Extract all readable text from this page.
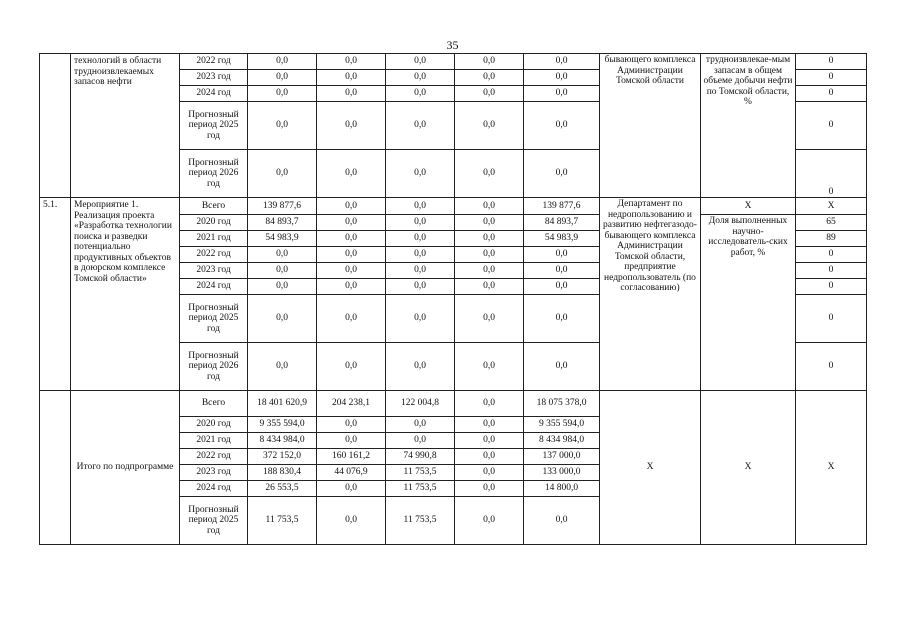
35
	технологий в области трудноизвлекаемых запасов нефти	2022 год	0,0	0,0	0,0	0,0	0,0	бывающего комплекса Администрации Томской области	трудноизвлекае-мым запасам в общем объеме добычи нефти по Томской области, %	0
		2023 год	0,0	0,0	0,0	0,0	0,0			0
		2024 год	0,0	0,0	0,0	0,0	0,0			0
		Прогнозный период 2025 год	0,0	0,0	0,0	0,0	0,0			0
		Прогнозный период 2026 год	0,0	0,0	0,0	0,0	0,0			0
5.1.	Мероприятие 1. Реализация проекта «Разработка технологии поиска и разведки потенциально продуктивных объектов в доюрском комплексе Томской области»	Всего	139 877,6	0,0	0,0	0,0	139 877,6	Департамент по недропользованию и развитию нефтегазодо-бывающего комплекса Администрации Томской области, предприятие недропользователь (по согласованию)	X	X
		2020 год	84 893,7	0,0	0,0	0,0	84 893,7		Доля выполненных научно-исследователь-ских работ, %	65
		2021 год	54 983,9	0,0	0,0	0,0	54 983,9			89
		2022 год	0,0	0,0	0,0	0,0	0,0			0
		2023 год	0,0	0,0	0,0	0,0	0,0			0
		2024 год	0,0	0,0	0,0	0,0	0,0			0
		Прогнозный период 2025 год	0,0	0,0	0,0	0,0	0,0			0
		Прогнозный период 2026 год	0,0	0,0	0,0	0,0	0,0			0
	Итого по подпрограмме	Всего	18 401 620,9	204 238,1	122 004,8	0,0	18 075 378,0	X	X	X
		2020 год	9 355 594,0	0,0	0,0	0,0	9 355 594,0			
		2021 год	8 434 984,0	0,0	0,0	0,0	8 434 984,0			
		2022 год	372 152,0	160 161,2	74 990,8	0,0	137 000,0			
		2023 год	188 830,4	44 076,9	11 753,5	0,0	133 000,0			
		2024 год	26 553,5	0,0	11 753,5	0,0	14 800,0			
		Прогнозный период 2025 год	11 753,5	0,0	11 753,5	0,0	0,0			
